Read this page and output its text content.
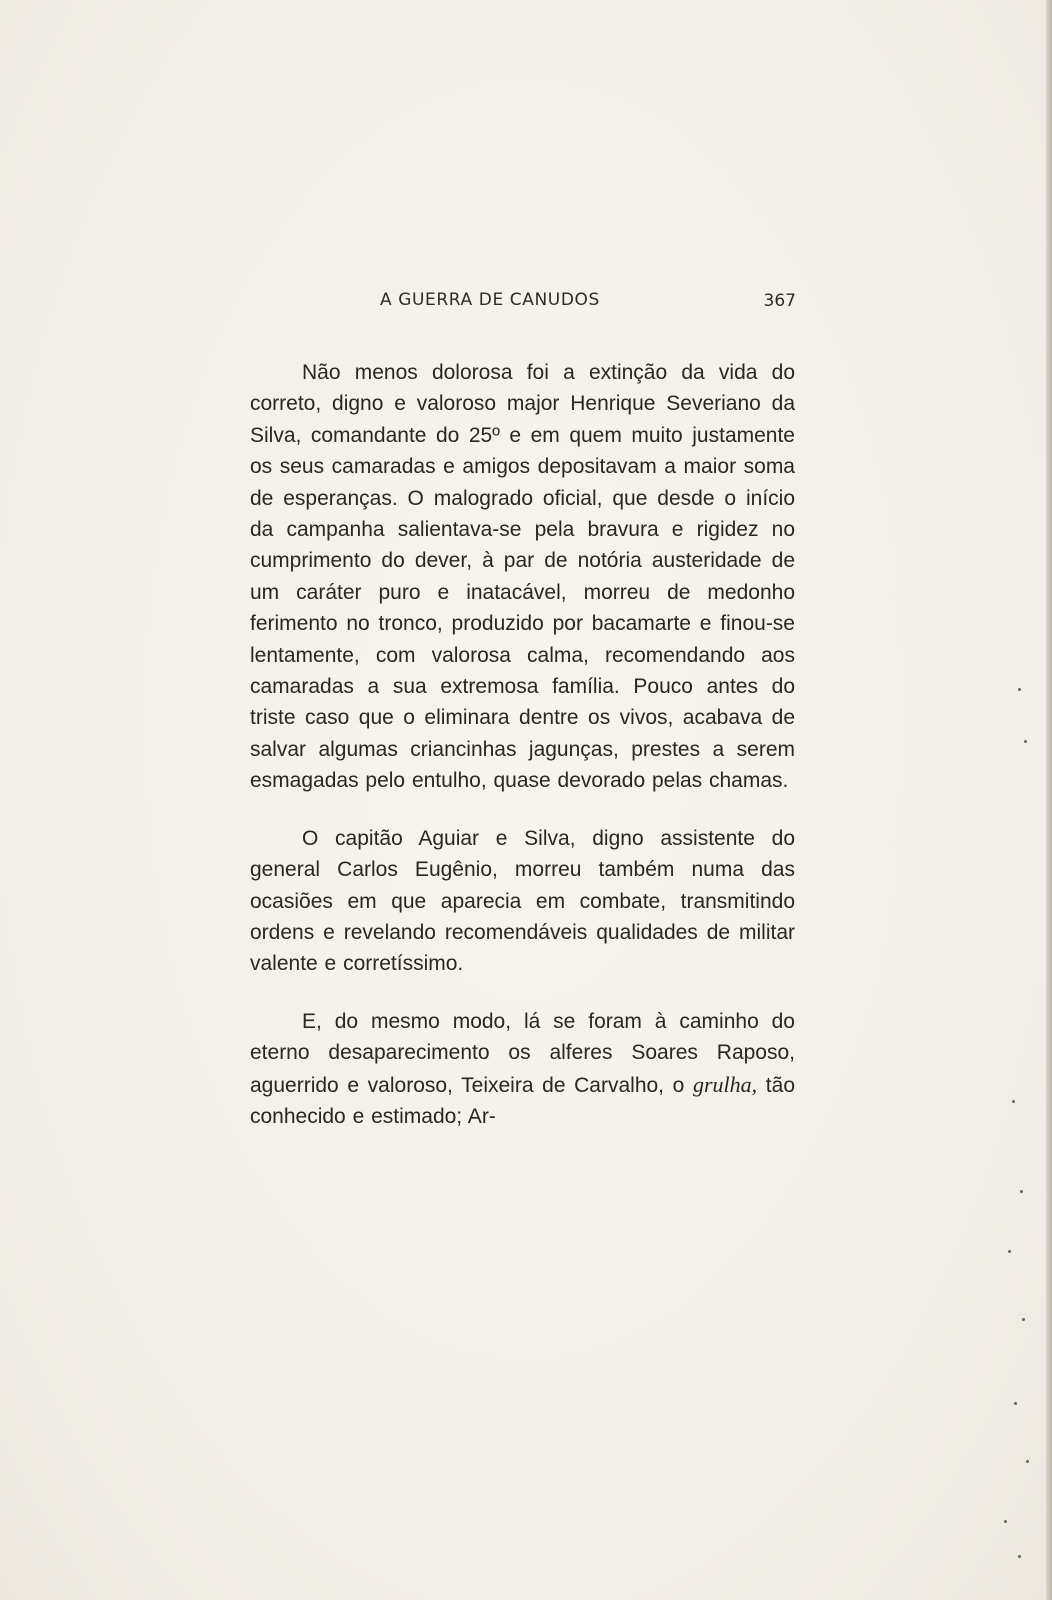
A GUERRA DE CANUDOS	367

Não menos dolorosa foi a extinção da vida do correto, digno e valoroso major Henrique Severiano da Silva, comandante do 25º e em quem muito justamente os seus camaradas e amigos depositavam a maior soma de esperanças. O malogrado oficial, que desde o início da campanha salientava-se pela bravura e rigidez no cumprimento do dever, à par de notória austeridade de um caráter puro e inatacável, morreu de medonho ferimento no tronco, produzido por bacamarte e finou-se lentamente, com valorosa calma, recomendando aos camaradas a sua extremosa família. Pouco antes do triste caso que o eliminara dentre os vivos, acabava de salvar algumas criancinhas jagunças, prestes a serem esmagadas pelo entulho, quase devorado pelas chamas.

O capitão Aguiar e Silva, digno assistente do general Carlos Eugênio, morreu também numa das ocasiões em que aparecia em combate, transmitindo ordens e revelando recomendáveis qualidades de militar valente e corretíssimo.

E, do mesmo modo, lá se foram à caminho do eterno desaparecimento os alferes Soares Raposo, aguerrido e valoroso, Teixeira de Carvalho, o grulha, tão conhecido e estimado; Ar-
